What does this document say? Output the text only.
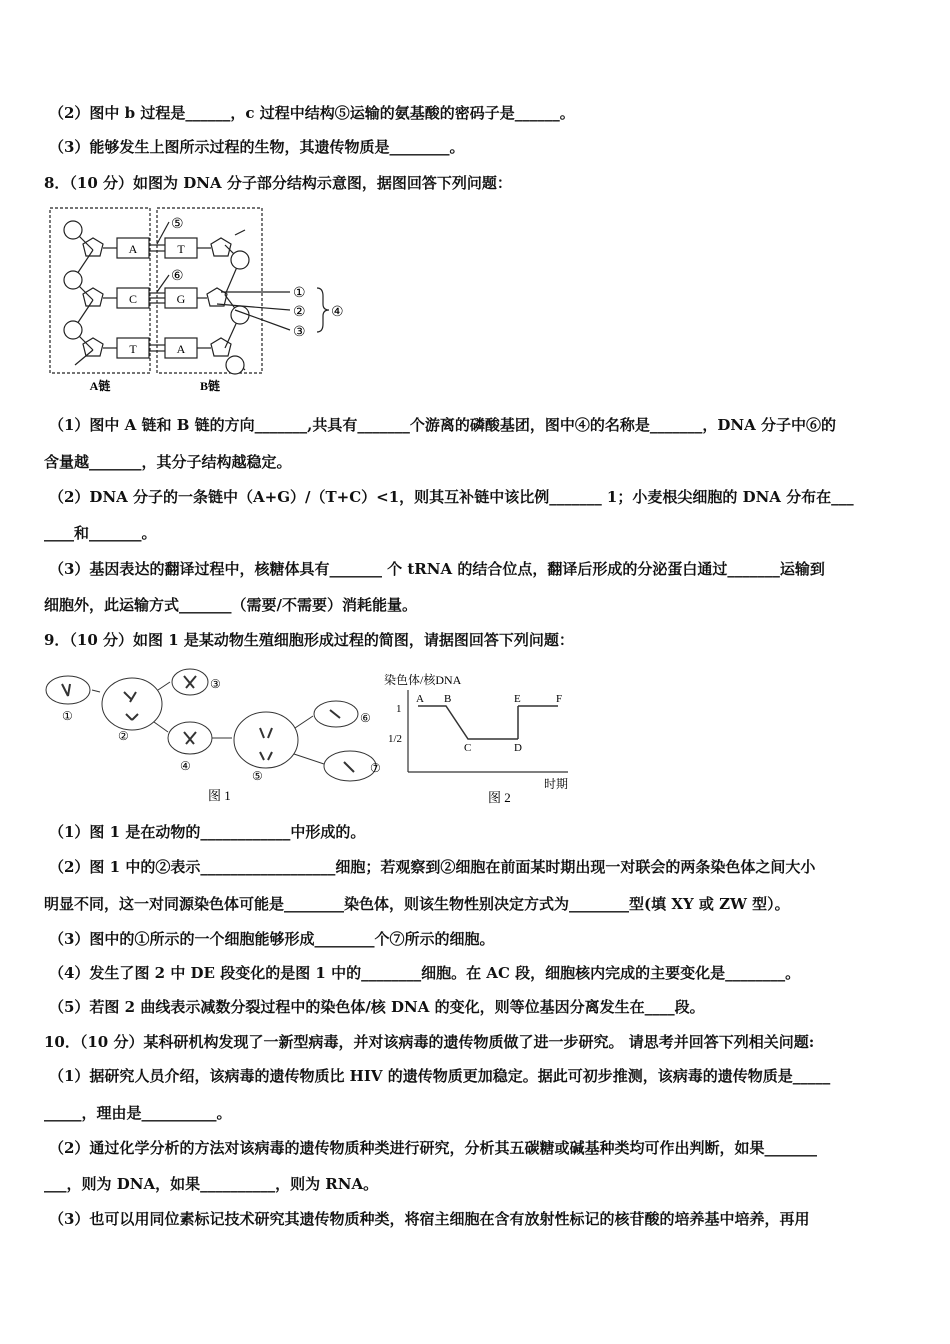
（2）图中 b 过程是______，c 过程中结构⑤运输的氨基酸的密码子是______。
（3）能够发生上图所示过程的生物，其遗传物质是________。
8．（10 分）如图为 DNA 分子部分结构示意图，据图回答下列问题：
A
C
T
T
G
A
⑤
⑥
①
②
③
④
A链	B链
（1）图中 A 链和 B 链的方向_______,共具有_______个游离的磷酸基团，图中④的名称是_______，DNA 分子中⑥的
含量越_______，其分子结构越稳定。
（2）DNA 分子的一条链中（A+G）/（T+C）<1，则其互补链中该比例_______ 1；小麦根尖细胞的 DNA 分布在___
____和_______。
（3）基因表达的翻译过程中，核糖体具有_______ 个 tRNA 的结合位点，翻译后形成的分泌蛋白通过_______运输到
细胞外，此运输方式_______（需要/不需要）消耗能量。
9．（10 分）如图 1 是某动物生殖细胞形成过程的简图，请据图回答下列问题：
①
②
③
④
⑤
⑥
⑦
图 1
染色体/核DNA
时期
1
1/2
A B
C	D
E	F
图 2
（1）图 1 是在动物的____________中形成的。
（2）图 1 中的②表示__________________细胞；若观察到②细胞在前面某时期出现一对联会的两条染色体之间大小
明显不同，这一对同源染色体可能是________染色体，则该生物性别决定方式为________型(填 XY 或 ZW 型）。
（3）图中的①所示的一个细胞能够形成________个⑦所示的细胞。
（4）发生了图 2 中 DE 段变化的是图 1 中的________细胞。在 AC 段，细胞核内完成的主要变化是________。
（5）若图 2 曲线表示减数分裂过程中的染色体/核 DNA 的变化，则等位基因分离发生在____段。
10．（10 分）某科研机构发现了一新型病毒，并对该病毒的遗传物质做了进一步研究。 请思考并回答下列相关问题:
（1）据研究人员介绍，该病毒的遗传物质比 HIV 的遗传物质更加稳定。据此可初步推测，该病毒的遗传物质是_____
_____，理由是__________。
（2）通过化学分析的方法对该病毒的遗传物质种类进行研究，分析其五碳糖或碱基种类均可作出判断，如果_______
___，则为 DNA，如果__________，则为 RNA。
（3）也可以用同位素标记技术研究其遗传物质种类，将宿主细胞在含有放射性标记的核苷酸的培养基中培养，再用
